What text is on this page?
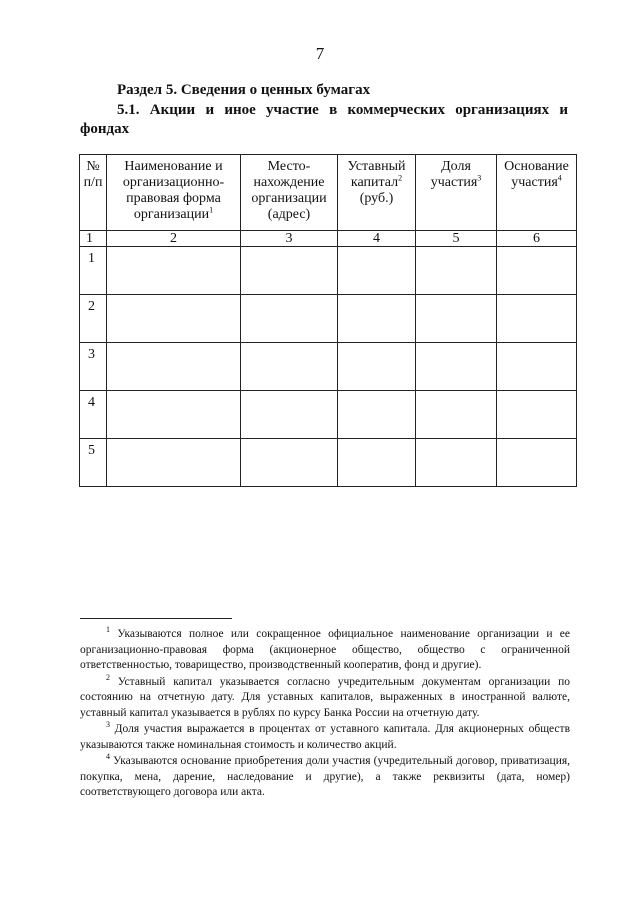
7
Раздел 5. Сведения о ценных бумагах
5.1. Акции и иное участие в коммерческих организациях и
фондах
№ п/п	Наименование и организационно-правовая форма организации$^1$	Место-нахождение организации (адрес)	Уставный капитал$^2$
(руб.)	Доля участия$^3$	Основание участия$^4$
1	2	3	4	5	6
1					
2					
3					
4					
5					

$^1$ Указываются полное или сокращенное официальное наименование организации и ее организационно-правовая форма (акционерное общество, общество с ограниченной ответственностью, товарищество, производственный кооператив, фонд и другие).

$^2$ Уставный капитал указывается согласно учредительным документам организации по состоянию на отчетную дату. Для уставных капиталов, выраженных в иностранной валюте, уставный капитал указывается в рублях по курсу Банка России на отчетную дату.

$^3$ Доля участия выражается в процентах от уставного капитала. Для акционерных обществ указываются также номинальная стоимость и количество акций.

$^4$ Указываются основание приобретения доли участия (учредительный договор, приватизация, покупка, мена, дарение, наследование и другие), а также реквизиты (дата, номер) соответствующего договора или акта.
